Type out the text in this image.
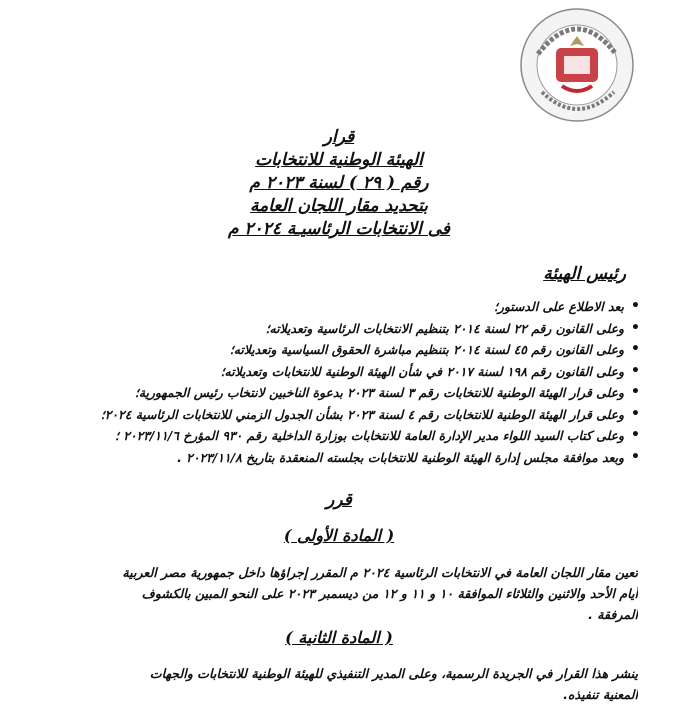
قرار
الهيئة الوطنية للانتخابات
رقم ( ٢٩ ) لسنة ٢٠٢٣ م
بتحديد مقار اللجان العامة
فى الانتخابات الرئاسيـة ٢٠٢٤ م
رئيس الهيئة
• بعد الاطلاع على الدستور؛
• وعلى القانون رقم ٢٢ لسنة ٢٠١٤ بتنظيم الانتخابات الرئاسية وتعديلاته؛
• وعلى القانون رقم ٤٥ لسنة ٢٠١٤ بتنظيم مباشرة الحقوق السياسية وتعديلاته؛
• وعلى القانون رقم ١٩٨ لسنة ٢٠١٧ في شأن الهيئة الوطنية للانتخابات وتعديلاته؛
• وعلى قرار الهيئة الوطنية للانتخابات رقم ٣ لسنة ٢٠٢٣ بدعوة الناخبين لانتخاب رئيس الجمهورية؛
• وعلى قرار الهيئة الوطنية للانتخابات رقم ٤ لسنة ٢٠٢٣ بشأن الجدول الزمني للانتخابات الرئاسية ٢٠٢٤؛
• وعلى كتاب السيد اللواء مدير الإدارة العامة للانتخابات بوزارة الداخلية رقم ٩٣٠ المؤرخ ٢٠٢٣/١١/٦ ؛
• وبعد موافقة مجلس إدارة الهيئة الوطنية للانتخابات بجلسته المنعقدة بتاريخ ٢٠٢٣/١١/٨ .
قرر
( المادة الأولى )
تعين مقار اللجان العامة في الانتخابات الرئاسية ٢٠٢٤ م المقرر إجراؤها داخل جمهورية مصر العربية
أيام الأحد والاثنين والثلاثاء الموافقة ١٠ و ١١ و ١٢ من ديسمبر ٢٠٢٣ على النحو المبين بالكشوف
المرفقة .
( المادة الثانية )
ينشر هذا القرار في الجريدة الرسمية، وعلى المدير التنفيذي للهيئة الوطنية للانتخابات والجهات
المعنية تنفيذه.
